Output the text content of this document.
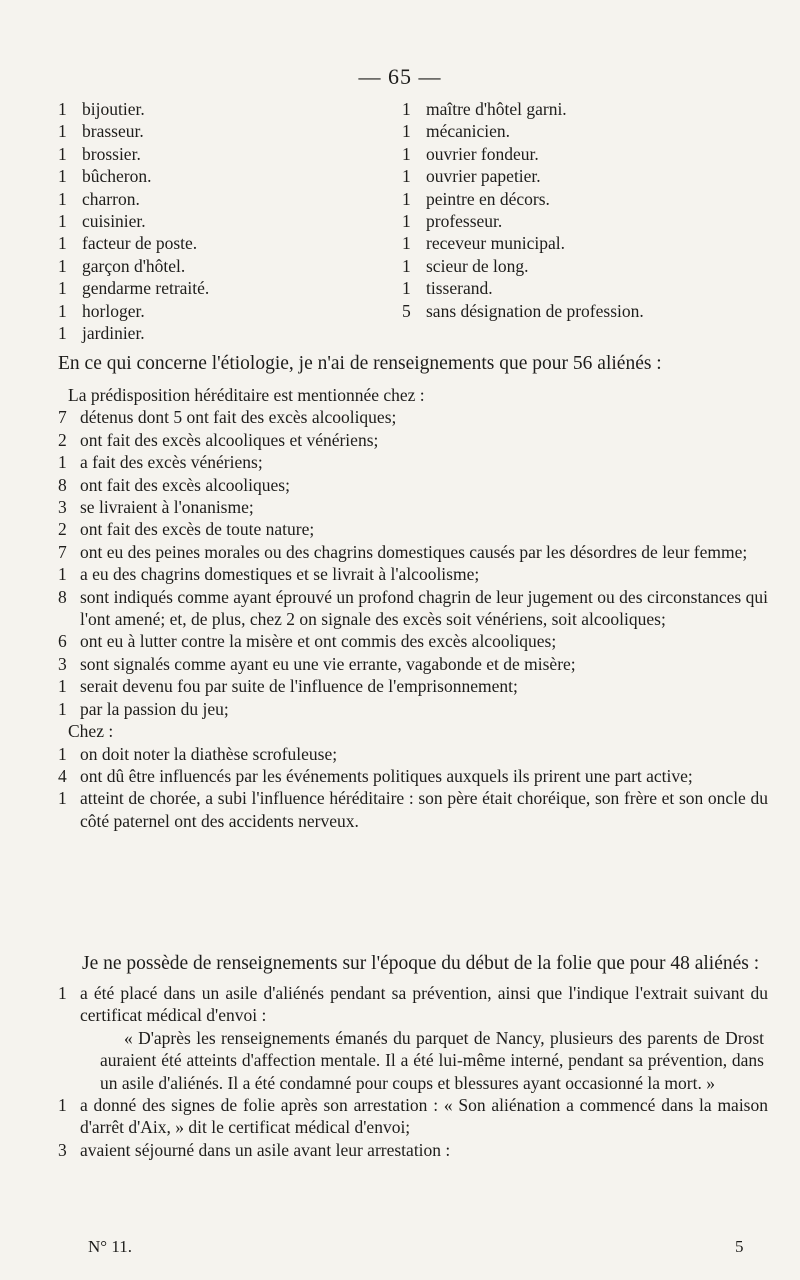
— 65 —
1 bijoutier.
1 brasseur.
1 brossier.
1 bûcheron.
1 charron.
1 cuisinier.
1 facteur de poste.
1 garçon d'hôtel.
1 gendarme retraité.
1 horloger.
1 jardinier.
1 maître d'hôtel garni.
1 mécanicien.
1 ouvrier fondeur.
1 ouvrier papetier.
1 peintre en décors.
1 professeur.
1 receveur municipal.
1 scieur de long.
1 tisserand.
5 sans désignation de profession.

En ce qui concerne l'étiologie, je n'ai de renseignements que pour 56 aliénés :

La prédisposition héréditaire est mentionnée chez :

7 détenus dont 5 ont fait des excès alcooliques;
2 ont fait des excès alcooliques et vénériens;
1 a fait des excès vénériens;
8 ont fait des excès alcooliques;
3 se livraient à l'onanisme;
2 ont fait des excès de toute nature;
7 ont eu des peines morales ou des chagrins domestiques causés par les désordres de leur femme;
1 a eu des chagrins domestiques et se livrait à l'alcoolisme;
8 sont indiqués comme ayant éprouvé un profond chagrin de leur jugement ou des circonstances qui l'ont amené; et, de plus, chez 2 on signale des excès soit vénériens, soit alcooliques;
6 ont eu à lutter contre la misère et ont commis des excès alcooliques;
3 sont signalés comme ayant eu une vie errante, vagabonde et de misère;
1 serait devenu fou par suite de l'influence de l'emprisonnement;
1 par la passion du jeu;

Chez :

1 on doit noter la diathèse scrofuleuse;
4 ont dû être influencés par les événements politiques auxquels ils prirent une part active;
1 atteint de chorée, a subi l'influence héréditaire : son père était choréique, son frère et son oncle du côté paternel ont des accidents nerveux.

Je ne possède de renseignements sur l'époque du début de la folie que pour 48 aliénés :

1 a été placé dans un asile d'aliénés pendant sa prévention, ainsi que l'indique l'extrait suivant du certificat médical d'envoi :

« D'après les renseignements émanés du parquet de Nancy, plusieurs des parents de Drost auraient été atteints d'affection mentale. Il a été lui-même interné, pendant sa prévention, dans un asile d'aliénés. Il a été condamné pour coups et blessures ayant occasionné la mort. »

1 a donné des signes de folie après son arrestation : « Son aliénation a commencé dans la maison d'arrêt d'Aix, » dit le certificat médical d'envoi;
3 avaient séjourné dans un asile avant leur arrestation :
N° 11.	5
